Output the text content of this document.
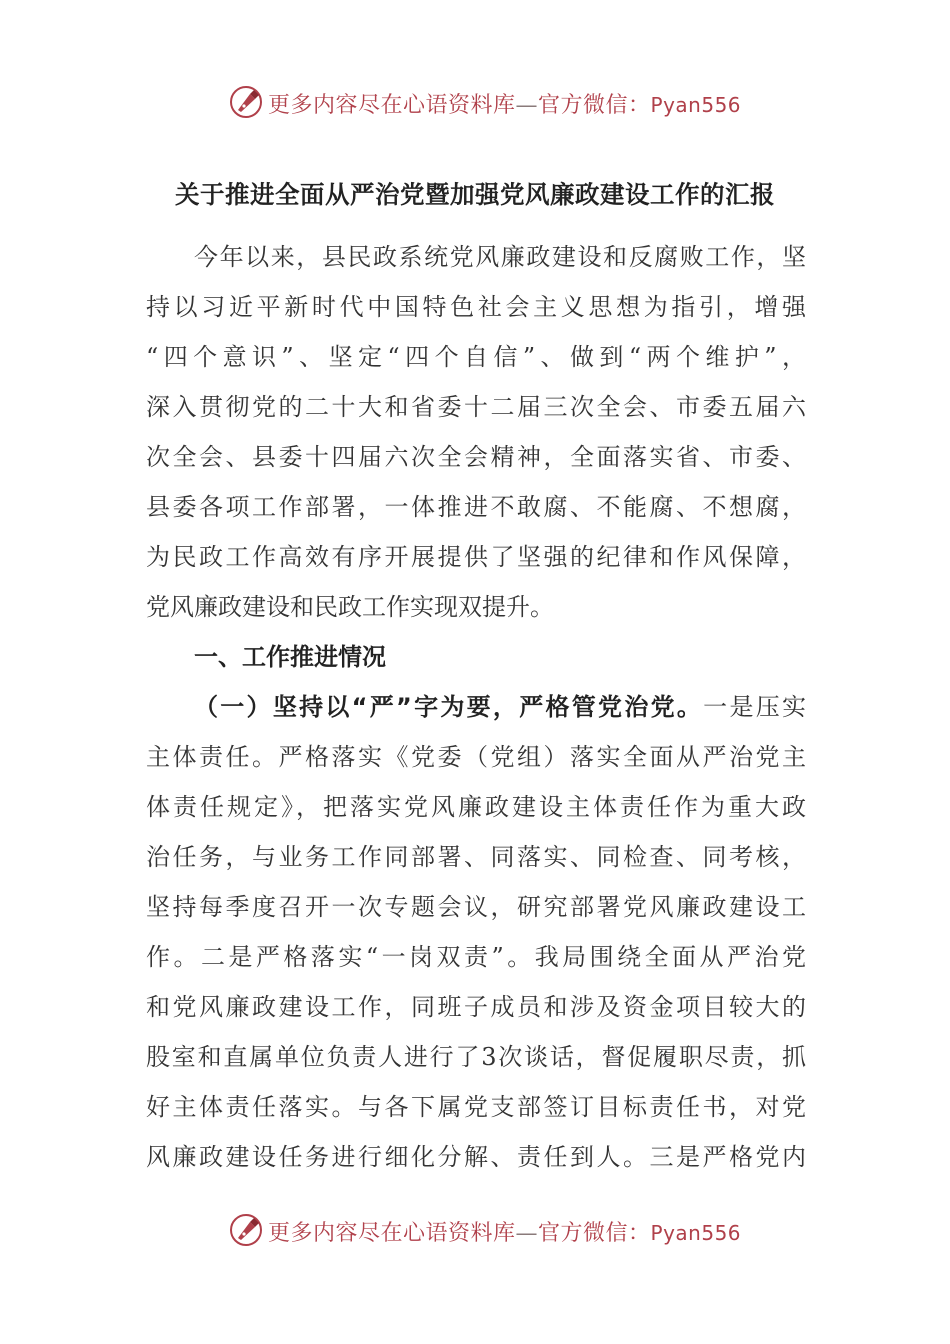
更多内容尽在心语资料库—官方微信：Pyan556
关于推进全面从严治党暨加强党风廉政建设工作的汇报
今年以来，县民政系统党风廉政建设和反腐败工作，坚
持以习近平新时代中国特色社会主义思想为指引，增强
“四个意识”、坚定“四个自信”、做到“两个维护”，
深入贯彻党的二十大和省委十二届三次全会、市委五届六
次全会、县委十四届六次全会精神，全面落实省、市委、
县委各项工作部署，一体推进不敢腐、不能腐、不想腐，
为民政工作高效有序开展提供了坚强的纪律和作风保障，
党风廉政建设和民政工作实现双提升。
一、工作推进情况
（一）坚持以“严”字为要，严格管党治党。一是压实
主体责任。严格落实《党委（党组）落实全面从严治党主
体责任规定》，把落实党风廉政建设主体责任作为重大政
治任务，与业务工作同部署、同落实、同检查、同考核，
坚持每季度召开一次专题会议，研究部署党风廉政建设工
作。二是严格落实“一岗双责”。我局围绕全面从严治党
和党风廉政建设工作，同班子成员和涉及资金项目较大的
股室和直属单位负责人进行了3次谈话，督促履职尽责，抓
好主体责任落实。与各下属党支部签订目标责任书，对党
风廉政建设任务进行细化分解、责任到人。三是严格党内
更多内容尽在心语资料库—官方微信：Pyan556
